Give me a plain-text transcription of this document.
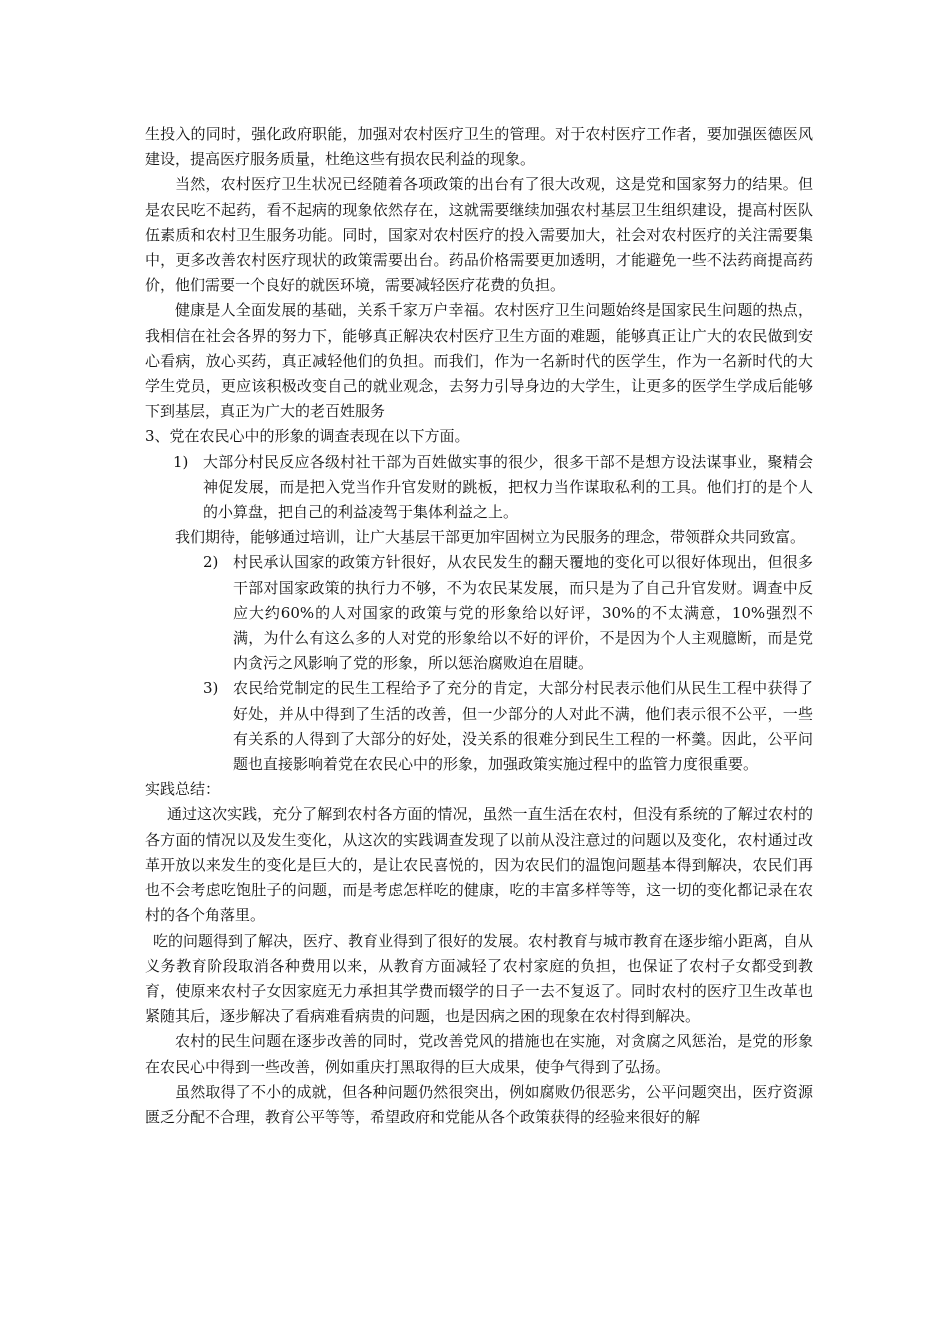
生投入的同时，强化政府职能，加强对农村医疗卫生的管理。对于农村医疗工作者，要加强医德医风建设，提高医疗服务质量，杜绝这些有损农民利益的现象。

当然，农村医疗卫生状况已经随着各项政策的出台有了很大改观，这是党和国家努力的结果。但是农民吃不起药，看不起病的现象依然存在，这就需要继续加强农村基层卫生组织建设，提高村医队伍素质和农村卫生服务功能。同时，国家对农村医疗的投入需要加大，社会对农村医疗的关注需要集中，更多改善农村医疗现状的政策需要出台。药品价格需要更加透明，才能避免一些不法药商提高药价，他们需要一个良好的就医环境，需要减轻医疗花费的负担。

健康是人全面发展的基础，关系千家万户幸福。农村医疗卫生问题始终是国家民生问题的热点，我相信在社会各界的努力下，能够真正解决农村医疗卫生方面的难题，能够真正让广大的农民做到安心看病，放心买药，真正减轻他们的负担。而我们，作为一名新时代的医学生，作为一名新时代的大学生党员，更应该积极改变自己的就业观念，去努力引导身边的大学生，让更多的医学生学成后能够下到基层，真正为广大的老百姓服务

3、党在农民心中的形象的调查表现在以下方面。

1) 大部分村民反应各级村社干部为百姓做实事的很少，很多干部不是想方设法谋事业，聚精会神促发展，而是把入党当作升官发财的跳板，把权力当作谋取私利的工具。他们打的是个人的小算盘，把自己的利益凌驾于集体利益之上。

我们期待，能够通过培训，让广大基层干部更加牢固树立为民服务的理念，带领群众共同致富。

2) 村民承认国家的政策方针很好，从农民发生的翻天覆地的变化可以很好体现出，但很多干部对国家政策的执行力不够，不为农民某发展，而只是为了自己升官发财。调查中反应大约60%的人对国家的政策与党的形象给以好评，30%的不太满意，10%强烈不满，为什么有这么多的人对党的形象给以不好的评价，不是因为个人主观臆断，而是党内贪污之风影响了党的形象，所以惩治腐败迫在眉睫。
3) 农民给党制定的民生工程给予了充分的肯定，大部分村民表示他们从民生工程中获得了好处，并从中得到了生活的改善，但一少部分的人对此不满，他们表示很不公平，一些有关系的人得到了大部分的好处，没关系的很难分到民生工程的一杯羹。因此，公平问题也直接影响着党在农民心中的形象，加强政策实施过程中的监管力度很重要。

实践总结：

通过这次实践，充分了解到农村各方面的情况，虽然一直生活在农村，但没有系统的了解过农村的各方面的情况以及发生变化，从这次的实践调查发现了以前从没注意过的问题以及变化，农村通过改革开放以来发生的变化是巨大的，是让农民喜悦的，因为农民们的温饱问题基本得到解决，农民们再也不会考虑吃饱肚子的问题，而是考虑怎样吃的健康，吃的丰富多样等等，这一切的变化都记录在农村的各个角落里。

吃的问题得到了解决，医疗、教育业得到了很好的发展。农村教育与城市教育在逐步缩小距离，自从义务教育阶段取消各种费用以来，从教育方面减轻了农村家庭的负担，也保证了农村子女都受到教育，使原来农村子女因家庭无力承担其学费而辍学的日子一去不复返了。同时农村的医疗卫生改革也紧随其后，逐步解决了看病难看病贵的问题，也是因病之困的现象在农村得到解决。

农村的民生问题在逐步改善的同时，党改善党风的措施也在实施，对贪腐之风惩治，是党的形象在农民心中得到一些改善，例如重庆打黑取得的巨大成果，使争气得到了弘扬。

虽然取得了不小的成就，但各种问题仍然很突出，例如腐败仍很恶劣，公平问题突出，医疗资源匮乏分配不合理，教育公平等等，希望政府和党能从各个政策获得的经验来很好的解
